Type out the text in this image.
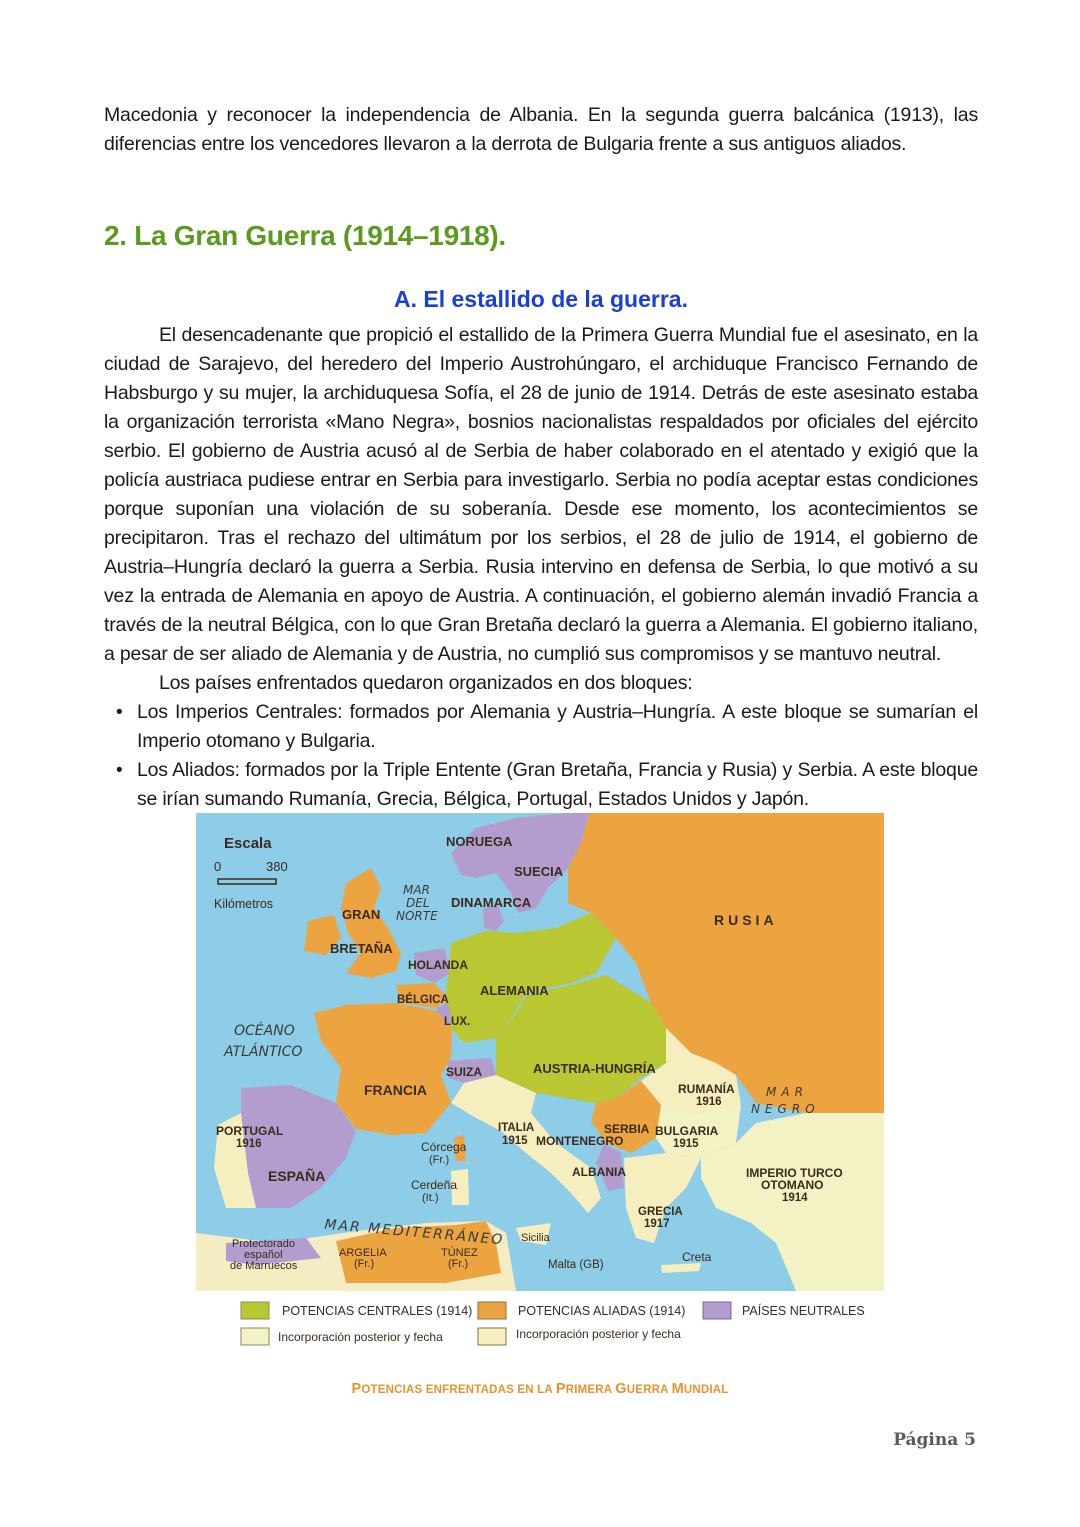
Macedonia y reconocer la independencia de Albania. En la segunda guerra balcánica (1913), las diferencias entre los vencedores llevaron a la derrota de Bulgaria frente a sus antiguos aliados.

2. La Gran Guerra (1914–1918).
A. El estallido de la guerra.

El desencadenante que propició el estallido de la Primera Guerra Mundial fue el asesinato, en la ciudad de Sarajevo, del heredero del Imperio Austrohúngaro, el archiduque Francisco Fernando de Habsburgo y su mujer, la archiduquesa Sofía, el 28 de junio de 1914. Detrás de este asesinato estaba la organización terrorista «Mano Negra», bosnios nacionalistas respaldados por oficiales del ejército serbio. El gobierno de Austria acusó al de Serbia de haber colaborado en el atentado y exigió que la policía austriaca pudiese entrar en Serbia para investigarlo. Serbia no podía aceptar estas condiciones porque suponían una violación de su soberanía. Desde ese momento, los acontecimientos se precipitaron. Tras el rechazo del ultimátum por los serbios, el 28 de julio de 1914, el gobierno de Austria–Hungría declaró la guerra a Serbia. Rusia intervino en defensa de Serbia, lo que motivó a su vez la entrada de Alemania en apoyo de Austria. A continuación, el gobierno alemán invadió Francia a través de la neutral Bélgica, con lo que Gran Bretaña declaró la guerra a Alemania. El gobierno italiano, a pesar de ser aliado de Alemania y de Austria, no cumplió sus compromisos y se mantuvo neutral.

Los países enfrentados quedaron organizados en dos bloques:

• Los Imperios Centrales: formados por Alemania y Austria–Hungría. A este bloque se sumarían el Imperio otomano y Bulgaria.
• Los Aliados: formados por la Triple Entente (Gran Bretaña, Francia y Rusia) y Serbia. A este bloque se irían sumando Rumanía, Grecia, Bélgica, Portugal, Estados Unidos y Japón.
Escala
0	380
Kilómetros
NORUEGA
SUECIA
DINAMARCA
MAR
DEL
NORTE
GRAN
BRETAÑA
RUSIA
HOLANDA
ALEMANIA
BÉLGICA
LUX.
OCÉANO
ATLÁNTICO
SUIZA	AUSTRIA-HUNGRÍA
FRANCIA	RUMANÍA
1916
MAR
NEGRO
PORTUGAL
1916
ITALIA
1915 MONTENEGRO
SERBIA BULGARIA
1915
Córcega
(Fr.)
ESPAÑA	ALBANIA	IMPERIO TURCO
OTOMANO
1914
Cerdeña
(It.)
GRECIA
1917
MAR MEDITERRÁNEO Sicilia
Protectorado
español
de Marruecos
ARGELIA
(Fr.)
TÚNEZ
(Fr.)	Creta
Malta (GB)
POTENCIAS CENTRALES (1914)	POTENCIAS ALIADAS (1914)	PAÍSES NEUTRALES
Incorporación posterior y fecha	Incorporación posterior y fecha

POTENCIAS ENFRENTADAS EN LA PRIMERA GUERRA MUNDIAL

Página 5
